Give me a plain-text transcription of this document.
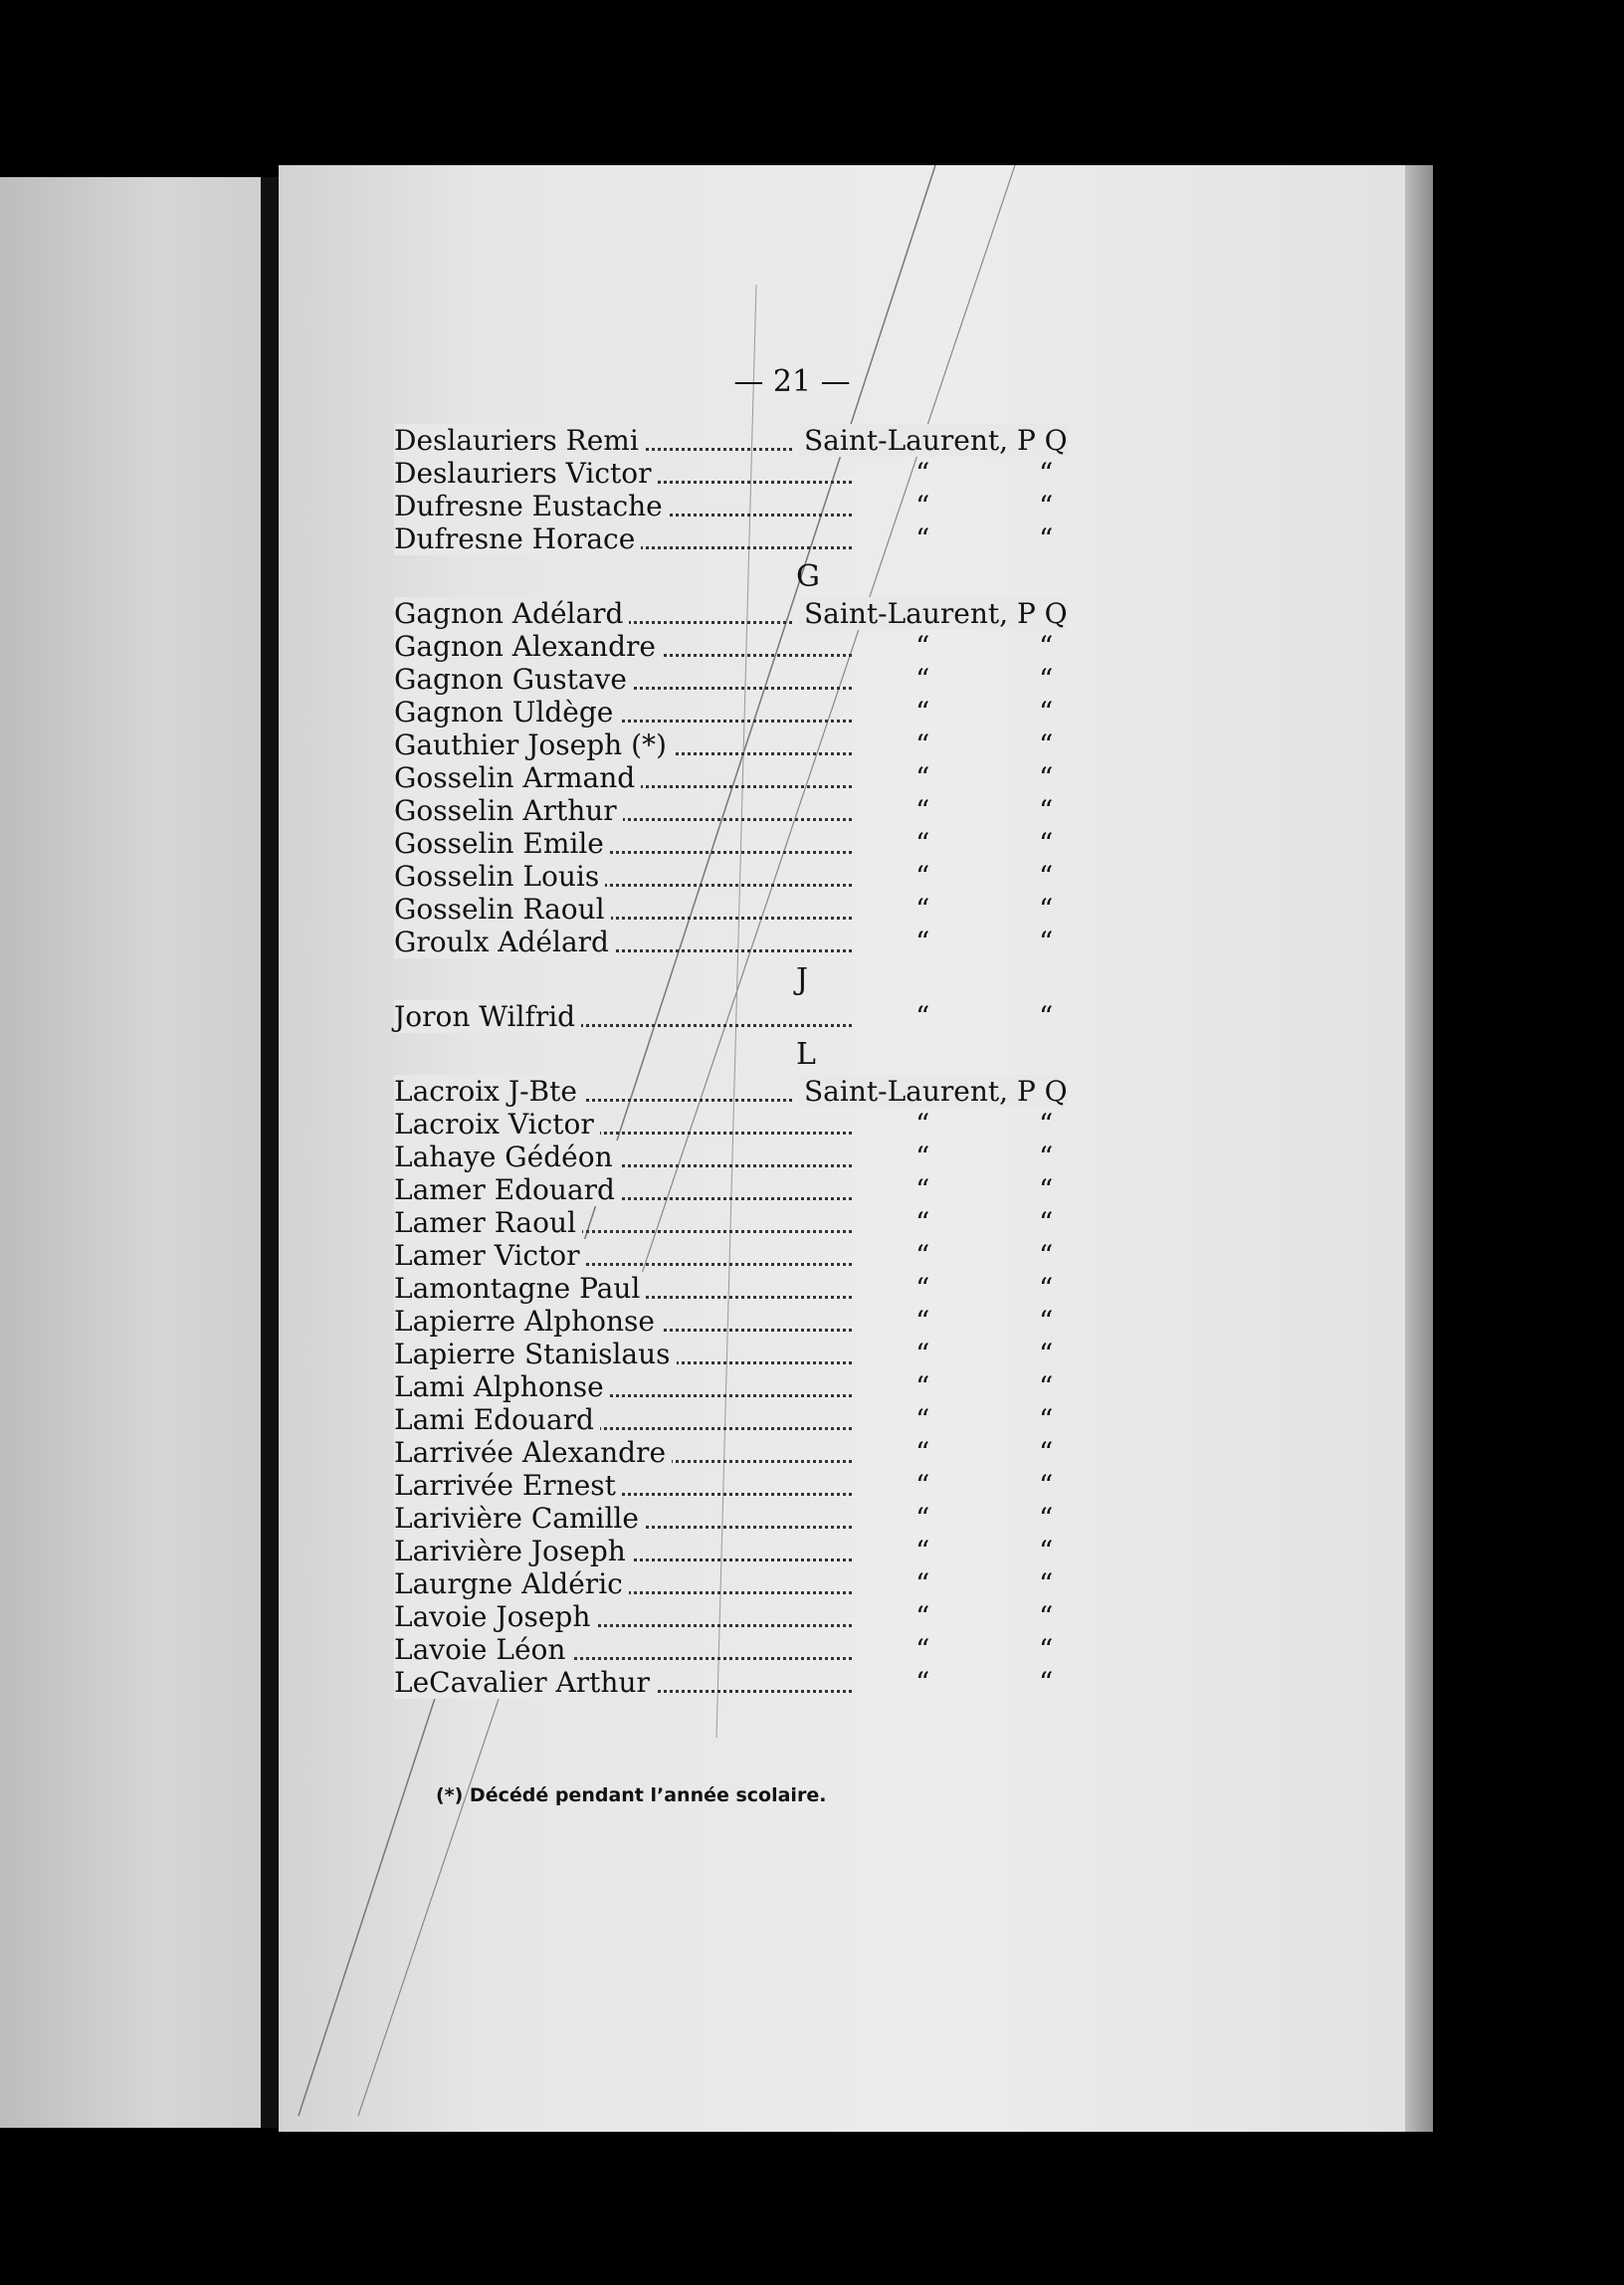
— 21 —
Deslauriers Remi	Saint-Laurent, P Q
Deslauriers Victor	“	“
Dufresne Eustache	“	“
Dufresne Horace	“	“
G
Gagnon Adélard	Saint-Laurent, P Q
Gagnon Alexandre	“	“
Gagnon Gustave	“	“
Gagnon Uldège	“	“
Gauthier Joseph (*)	“	“
Gosselin Armand	“	“
Gosselin Arthur	“	“
Gosselin Emile	“	“
Gosselin Louis	“	“
Gosselin Raoul	“	“
Groulx Adélard	“	“
J
Joron Wilfrid	“	“
L
Lacroix J-Bte	Saint-Laurent, P Q
Lacroix Victor	“	“
Lahaye Gédéon	“	“
Lamer Edouard	“	“
Lamer Raoul	“	“
Lamer Victor	“	“
Lamontagne Paul	“	“
Lapierre Alphonse	“	“
Lapierre Stanislaus	“	“
Lami Alphonse	“	“
Lami Edouard	“	“
Larrivée Alexandre	“	“
Larrivée Ernest	“	“
Larivière Camille	“	“
Larivière Joseph	“	“
Laurgne Aldéric	“	“
Lavoie Joseph	“	“
Lavoie Léon	“	“
LeCavalier Arthur	“	“
(*) Décédé pendant l’année scolaire.
